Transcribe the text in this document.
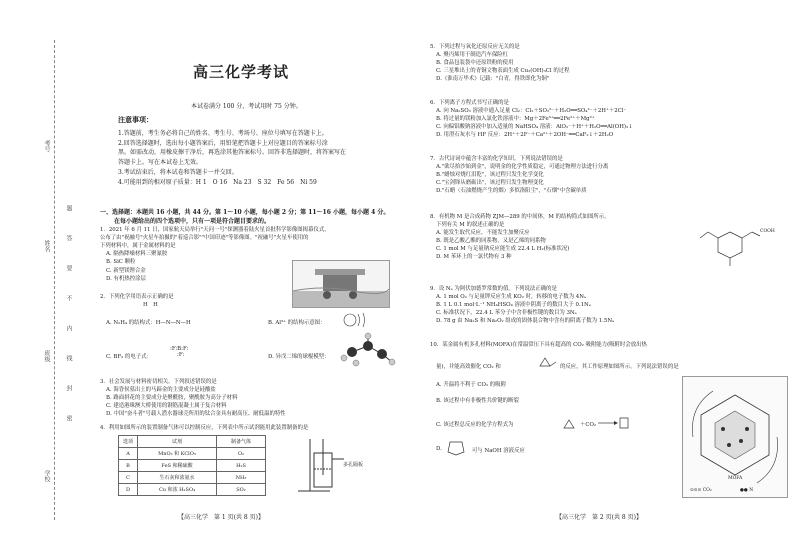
考号
姓名
班级
学校
题
答
要
不
内
线
封
密
高三化学考试
本试卷满分 100 分，考试用时 75 分钟。
注意事项：
1.答题前，考生务必将自己的姓名、考生号、考场号、座位号填写在答题卡上。
2.回答选择题时，选出每小题答案后，用铅笔把答题卡上对应题目的答案标号涂
黑。如需改动，用橡皮擦干净后，再选涂其他答案标号。回答非选择题时，将答案写在
答题卡上。写在本试卷上无效。
3.考试结束后，将本试卷和答题卡一并交回。
4.可能用到的相对原子质量：H 1　O 16　Na 23　S 32　Fe 56　Ni 59
一、选择题：本题共 16 小题，共 44 分。第 1～10 小题，每小题 2 分；第 11～16 小题，每小题 4 分。
在每小题给出的四个选项中，只有一项是符合题目要求的。
1．2021 年 6 月 11 日，国家航天局举行"天问一号"探测器着陆火星首批科学影像图揭幕仪式，
公布了由"祝融号"火星车拍摄的"着巡合影""中国印迹"等影像图。"祝融号"火星车使用的
下列材料中，属于金属材料的是
A. 隔热降噪材料三聚氰胺
B. SiC 颗粒
C. 新型镁锂合金
D. 有机热控涂层
2．下列化学用语表示正确的是
H　H
A. N₂H₄ 的结构式：H—N—N—H	B. Al³⁺ 的结构示意图：
C. BF₃ 的电子式：
:F:B:F:
:F:	D. 异戊二烯的球棍模型：
3．社会发展与材料密切相关。下列叙述错误的是
A. 海昏侯墓出土的马蹄金的主要成分是硅酸盐
B. 路面拼花的主要成分是聚酰胺，聚酰胺为高分子材料
C. 建造港珠澳大桥使用的钢筋混凝土属于复合材料
D. 中国"奋斗者"号载人潜水器球壳所用的钛合金具有耐高压、耐低温的特性
4．利用如图所示的装置制备气体可以控制反应，下列表中所示试剂能用此装置制备的是
选项	试剂	制备气体
A	MnO₂ 和 KClO₃	O₂
B	FeS 和稀硫酸	H₂S
C	生石灰和浓氨水	NH₃
D	Cu 和浓 H₂SO₄	SO₂
多孔隔板
【高三化学　第 1 页(共 8 页)】
5．下列过程与氧化还原反应无关的是
A. 聚丙烯用于制造汽车保险杠
B. 食品包装袋中还原铁粉的使用
C. 三星堆出土的青铜文物表面生成 Cu₂(OH)₃Cl 的过程
D.《淮南万毕术》记载："白青，得铁即化为铜"
6．下列离子方程式书写正确的是
A. 向 Na₂SO₃ 溶液中通入足量 Cl₂：Cl₂＋SO₃²⁻＋H₂O══SO₄²⁻＋2H⁺＋2Cl⁻
B. 将过量的镁粉加入氯化铁溶液中：Mg＋2Fe³⁺══2Fe²⁺＋Mg²⁺
C. 向偏铝酸钠溶液中加入适量的 NaHSO₄ 溶液：AlO₂⁻＋H⁺＋H₂O══Al(OH)₃↓
D. 用澄石灰水与 HF 反应：2H⁺＋2F⁻＋Ca²⁺＋2OH⁻══CaF₂↓＋2H₂O
7．古代诗词中蕴含丰富的化学知识。下列说法错误的是
A."欲尽拾沙始到金"，说明金的化学性质稳定，可通过物理方法进行分离
B."蜡烛对烧红泪乾"，该过程只发生化学变化
C."宝剑锋从磨砺出"，该过程只发生物理变化
D."石蜡（石油燃烧产生的烟）多似洛阳尘"，"石烟"中含碳单质
8．有机物 M 是合成药物 ZJM—289 的中间体，M 的结构简式如图所示。
下列有关 M 的叙述正确的是
A. 能发生取代反应，不能发生加聚反应
B. 既是乙酸乙酯的同系物，又是乙烯的同系物
C. 1 mol M 与足量钠反应能生成 22.4 L H₂(标准状况)
D. M 苯环上的一氯代物有 3 种
COOH
9．设 Nₐ 为阿伏加德罗常数的值。下列说法正确的是
A. 1 mol O₂ 与足量钾反应生成 KO₂ 时，转移的电子数为 4Nₐ
B. 1 L 0.1 mol·L⁻¹ NH₄HSO₄ 溶液中阴离子的数目大于 0.1Nₐ
C. 标准状况下，22.4 L 苯分子中含非极性键的数目为 3Nₐ
D. 78 g 由 Na₂S 和 Na₂O₂ 组成的固体混合物中含有的阴离子数为 1.5Nₐ
10．某金属有机多孔材料(MOFA)在常温常压下具有超高的 CO₂ 吸附能力(吸附时会放出热
量)，并能高效催化 CO₂ 和	的反应，其工作原理如图所示。下列说法错误的是
A. 升温将不利于 CO₂ 的吸附
B. 该过程中有非极性共价键的断裂
C. 该过程总反应的化学方程式为	＋CO₂
D.	可与 NaOH 溶液反应
MOFA
⊙⊙⊙ CO₂	●● N
【高三化学　第 2 页(共 8 页)】
